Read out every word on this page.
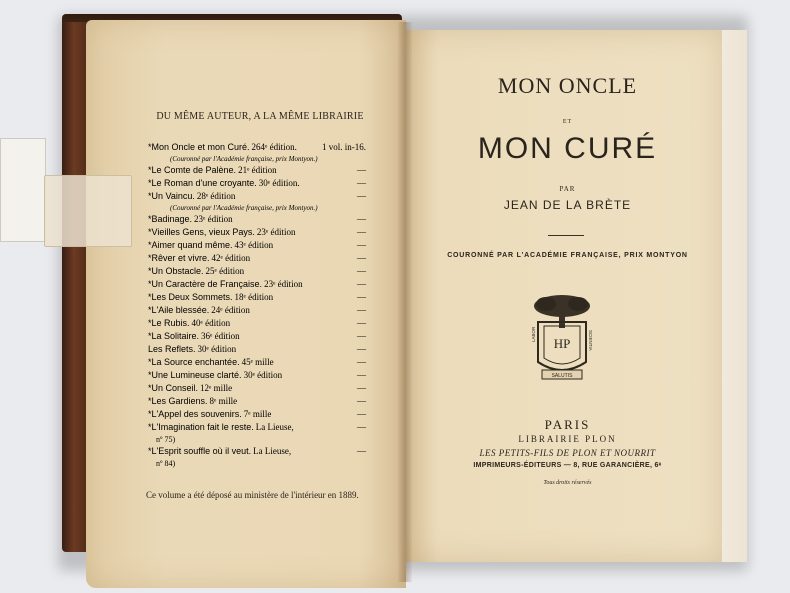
DU MÊME AUTEUR, A LA MÊME LIBRAIRIE
*Mon Oncle et mon Curé. 264ᵉ édition.	1 vol. in-16.
(Couronné par l'Académie française, prix Montyon.)
*Le Comte de Palène. 21ᵉ édition	—
*Le Roman d'une croyante. 30ᵉ édition.	—
*Un Vaincu. 28ᵉ édition	—
(Couronné par l'Académie française, prix Montyon.)
*Badinage. 23ᵉ édition	—
*Vieilles Gens, vieux Pays. 23ᵉ édition	—
*Aimer quand même. 43ᵉ édition	—
*Rêver et vivre. 42ᵉ édition	—
*Un Obstacle. 25ᵉ édition	—
*Un Caractère de Française. 23ᵉ édition	—
*Les Deux Sommets. 18ᵉ édition	—
*L'Aile blessée. 24ᵉ édition	—
*Le Rubis. 40ᵉ édition	—
*La Solitaire. 36ᵉ édition	—
Les Reflets. 30ᵉ édition	—
*La Source enchantée. 45ᵉ mille	—
*Une Lumineuse clarté. 30ᵉ édition	—
*Un Conseil. 12ᵉ mille	—
*Les Gardiens. 8ᵉ mille	—
*L'Appel des souvenirs. 7ᵉ mille	—
*L'Imagination fait le reste. La Lieuse,	—
nº 75)
*L'Esprit souffle où il veut. La Lieuse,	—
nº 84)
Ce volume a été déposé au ministère de l'intérieur en 1889.
MON ONCLE
ET
MON CURÉ
PAR
JEAN DE LA BRÈTE
COURONNÉ PAR L'ACADÉMIE FRANÇAISE, PRIX MONTYON
HP
LABOR	SCIENTIA
SALUTIS
PARIS
LIBRAIRIE PLON
LES PETITS-FILS DE PLON ET NOURRIT
IMPRIMEURS-ÉDITEURS — 8, RUE GARANCIÈRE, 6ᵉ
Tous droits réservés
